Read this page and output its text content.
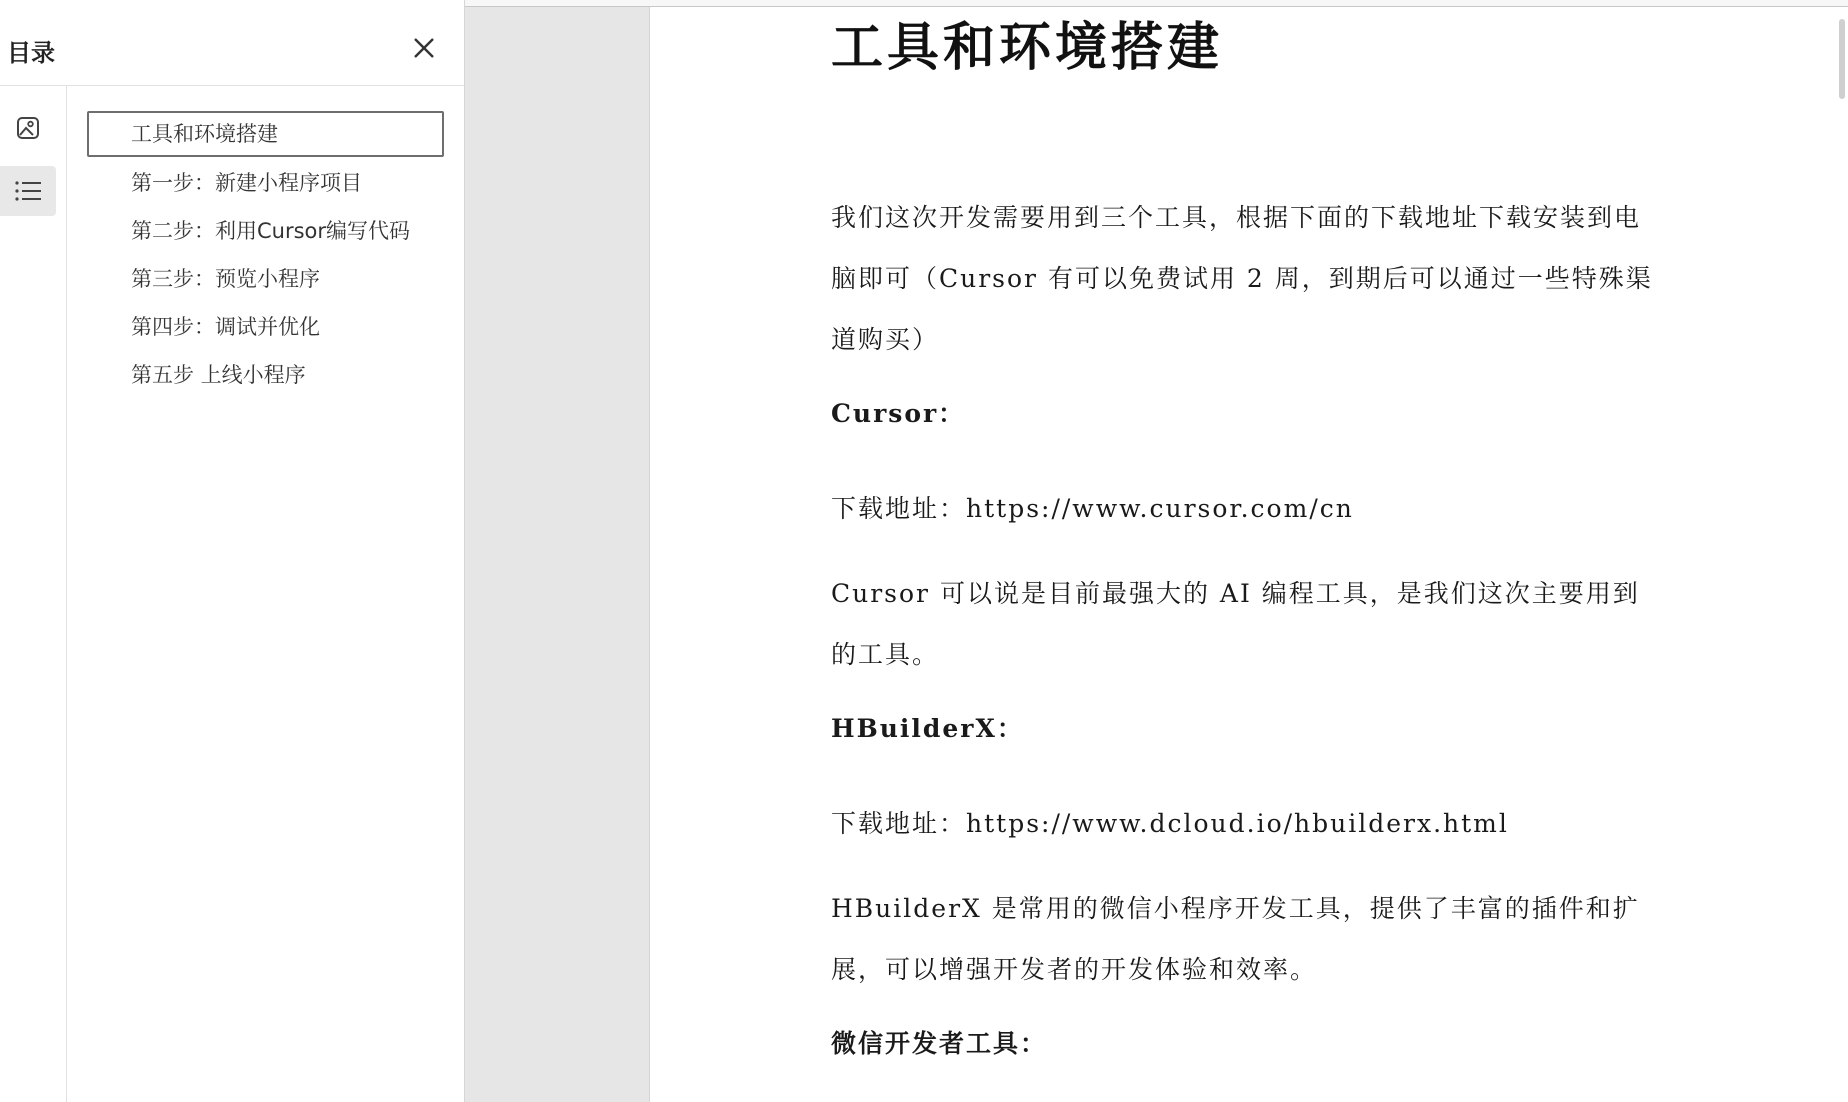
目录
工具和环境搭建
第一步：新建小程序项目
第二步：利用Cursor编写代码
第三步：预览小程序
第四步：调试并优化
第五步 上线小程序
工具和环境搭建

我们这次开发需要用到三个工具，根据下面的下载地址下载安装到电脑即可（Cursor 有可以免费试用 2 周，到期后可以通过一些特殊渠道购买）

Cursor：

下载地址：https://www.cursor.com/cn

Cursor 可以说是目前最强大的 AI 编程工具，是我们这次主要用到的工具。

HBuilderX：

下载地址：https://www.dcloud.io/hbuilderx.html

HBuilderX 是常用的微信小程序开发工具，提供了丰富的插件和扩展，可以增强开发者的开发体验和效率。

微信开发者工具：
